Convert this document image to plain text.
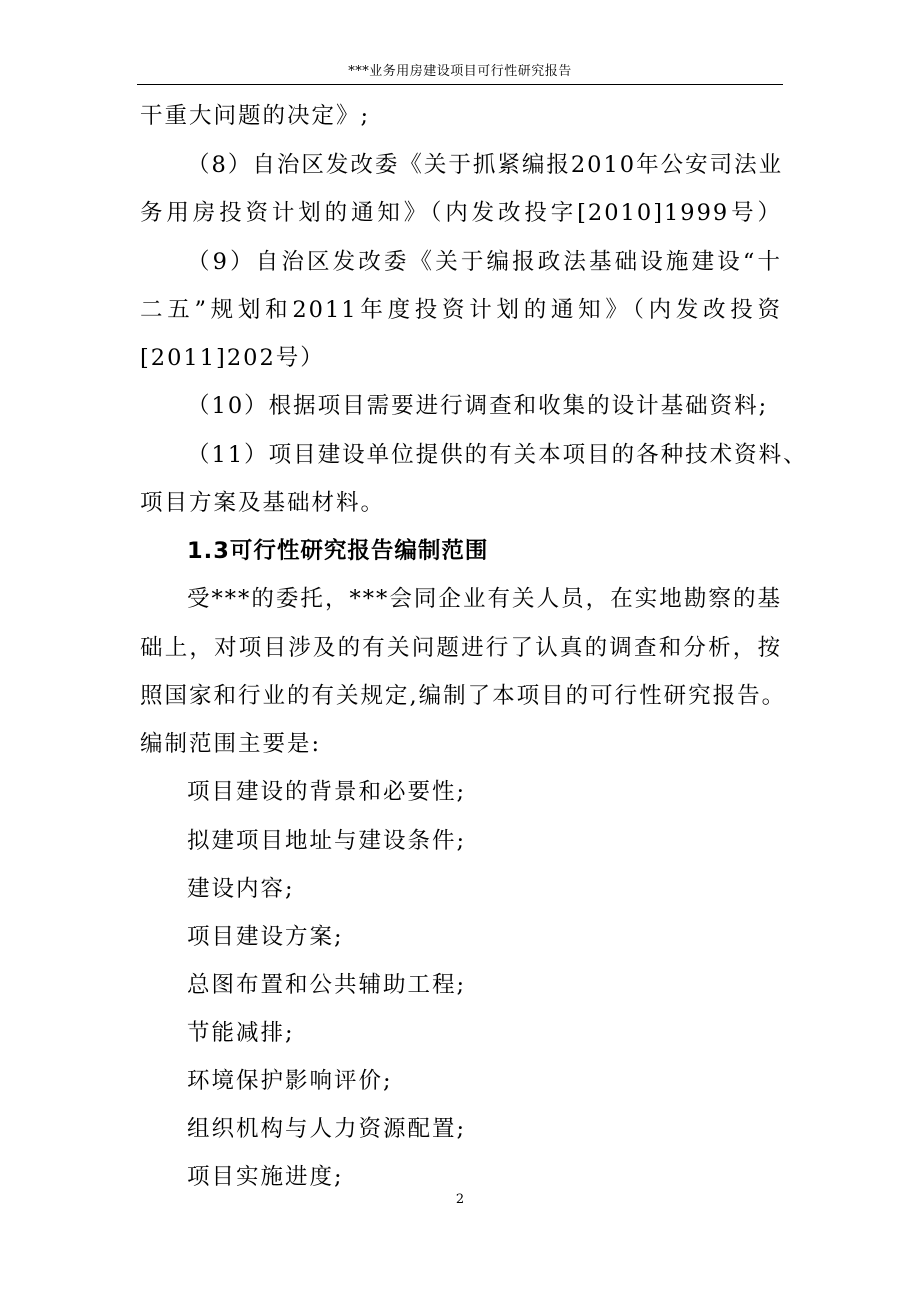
***业务用房建设项目可行性研究报告
干重大问题的决定》;
（8）自治区发改委《关于抓紧编报2010年公安司法业
务用房投资计划的通知》（内发改投字[2010]1999号）
（9）自治区发改委《关于编报政法基础设施建设“十
二五”规划和2011年度投资计划的通知》（内发改投资
[2011]202号）
（10）根据项目需要进行调查和收集的设计基础资料;
（11）项目建设单位提供的有关本项目的各种技术资料、
项目方案及基础材料。
1.3可行性研究报告编制范围
受***的委托，***会同企业有关人员，在实地勘察的基
础上，对项目涉及的有关问题进行了认真的调查和分析，按
照国家和行业的有关规定,编制了本项目的可行性研究报告。
编制范围主要是:
项目建设的背景和必要性;
拟建项目地址与建设条件;
建设内容;
项目建设方案;
总图布置和公共辅助工程;
节能减排;
环境保护影响评价;
组织机构与人力资源配置;
项目实施进度;
2
